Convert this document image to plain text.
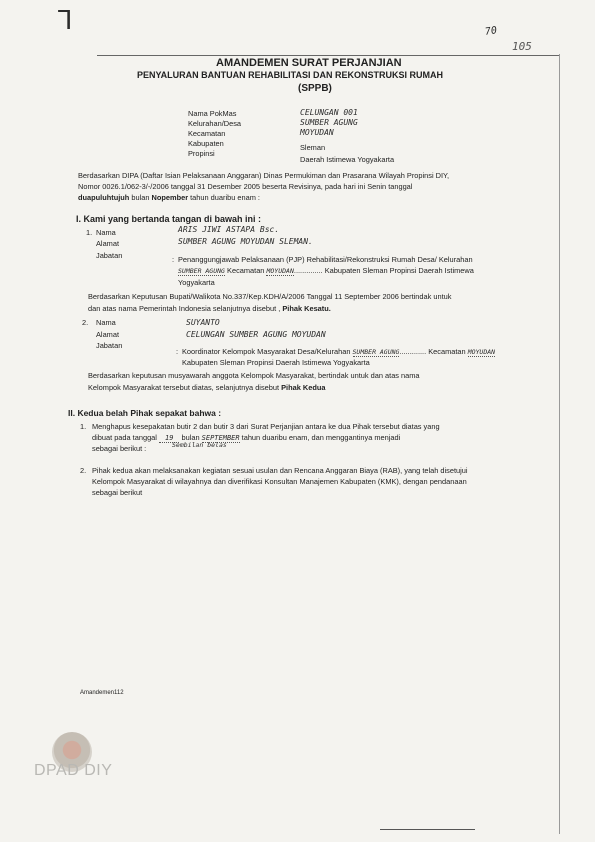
ꓶ	70
105
AMANDEMEN SURAT PERJANJIAN
PENYALURAN BANTUAN REHABILITASI DAN REKONSTRUKSI RUMAH
(SPPB)
Nama PokMas	CELUNGAN 001
Kelurahan/Desa	SUMBER AGUNG
Kecamatan	MOYUDAN
Kabupaten	Sleman
Propinsi
Daerah Istimewa Yogyakarta
Berdasarkan DIPA (Daftar Isian Pelaksanaan Anggaran) Dinas Permukiman dan Prasarana Wilayah Propinsi DIY,
Nomor 0026.1/062-3/-/2006 tanggal 31 Desember 2005 beserta Revisinya, pada hari ini Senin tanggal
duapuluhtujuh bulan Nopember tahun duaribu enam :
I. Kami yang bertanda tangan di bawah ini :
1. Nama	ARIS JIWI ASTAPA Bsc.
Alamat	SUMBER AGUNG MOYUDAN SLEMAN.
Jabatan	: Penanggungjawab Pelaksanaan (PJP) Rehabilitasi/Rekonstruksi Rumah Desa/ Kelurahan
SUMBER AGUNG Kecamatan MOYUDAN.............. Kabupaten Sleman Propinsi Daerah Istimewa
Yogyakarta
Berdasarkan Keputusan Bupati/Walikota No.337/Kep.KDH/A/2006 Tanggal 11 September 2006 bertindak untuk
dan atas nama Pemerintah Indonesia selanjutnya disebut , Pihak Kesatu.
2. Nama	SUYANTO
Alamat	CELUNGAN SUMBER AGUNG MOYUDAN
Jabatan
: Koordinator Kelompok Masyarakat Desa/Kelurahan SUMBER AGUNG............. Kecamatan MOYUDAN
Kabupaten Sleman Propinsi Daerah Istimewa Yogyakarta
Berdasarkan keputusan musyawarah anggota Kelompok Masyarakat, bertindak untuk dan atas nama
Kelompok Masyarakat tersebut diatas, selanjutnya disebut Pihak Kedua
II. Kedua belah Pihak sepakat bahwa :
1. Menghapus kesepakatan butir 2 dan butir 3 dari Surat Perjanjian antara ke dua Pihak tersebut diatas yang
dibuat pada tanggal 19 bulan SEPTEMBER tahun duaribu enam, dan menggantinya menjadi
sebagai berikut :	Sembilan belas
2. Pihak kedua akan melaksanakan kegiatan sesuai usulan dan Rencana Anggaran Biaya (RAB), yang telah disetujui
Kelompok Masyarakat di wilayahnya dan diverifikasi Konsultan Manajemen Kabupaten (KMK), dengan pendanaan
sebagai berikut
Amandemen112
DPAD DIY
